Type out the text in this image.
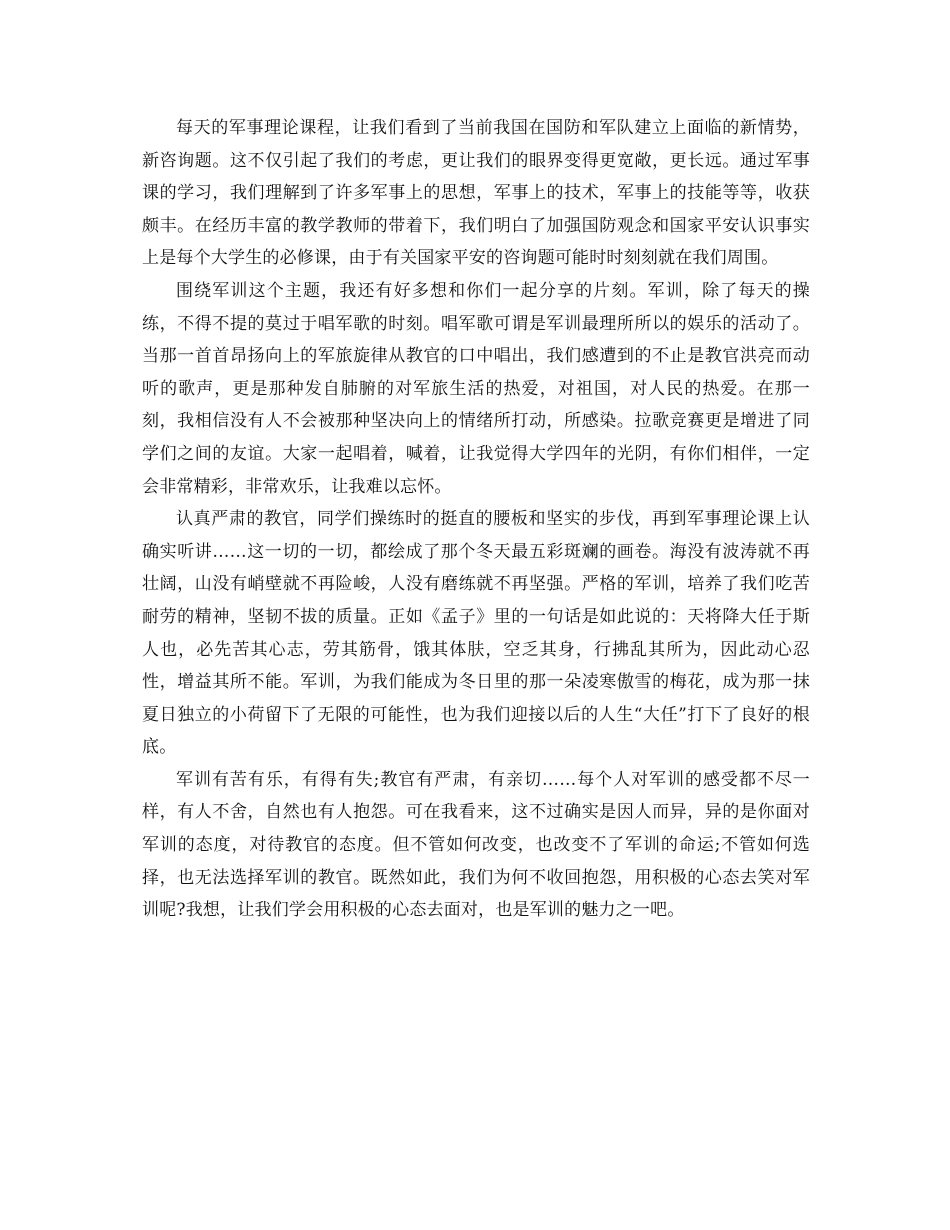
每天的军事理论课程，让我们看到了当前我国在国防和军队建立上面临的新情势，新咨询题。这不仅引起了我们的考虑，更让我们的眼界变得更宽敞，更长远。通过军事课的学习，我们理解到了许多军事上的思想，军事上的技术，军事上的技能等等，收获颇丰。在经历丰富的教学教师的带着下，我们明白了加强国防观念和国家平安认识事实上是每个大学生的必修课，由于有关国家平安的咨询题可能时时刻刻就在我们周围。

围绕军训这个主题，我还有好多想和你们一起分享的片刻。军训，除了每天的操练，不得不提的莫过于唱军歌的时刻。唱军歌可谓是军训最理所所以的娱乐的活动了。当那一首首昂扬向上的军旅旋律从教官的口中唱出，我们感遭到的不止是教官洪亮而动听的歌声，更是那种发自肺腑的对军旅生活的热爱，对祖国，对人民的热爱。在那一刻，我相信没有人不会被那种坚决向上的情绪所打动，所感染。拉歌竞赛更是增进了同学们之间的友谊。大家一起唱着，喊着，让我觉得大学四年的光阴，有你们相伴，一定会非常精彩，非常欢乐，让我难以忘怀。

认真严肃的教官，同学们操练时的挺直的腰板和坚实的步伐，再到军事理论课上认确实听讲……这一切的一切，都绘成了那个冬天最五彩斑斓的画卷。海没有波涛就不再壮阔，山没有峭壁就不再险峻，人没有磨练就不再坚强。严格的军训，培养了我们吃苦耐劳的精神，坚韧不拔的质量。正如《孟子》里的一句话是如此说的：天将降大任于斯人也，必先苦其心志，劳其筋骨，饿其体肤，空乏其身，行拂乱其所为，因此动心忍性，增益其所不能。军训，为我们能成为冬日里的那一朵凌寒傲雪的梅花，成为那一抹夏日独立的小荷留下了无限的可能性，也为我们迎接以后的人生“大任”打下了良好的根底。

军训有苦有乐，有得有失;教官有严肃，有亲切……每个人对军训的感受都不尽一样，有人不舍，自然也有人抱怨。可在我看来，这不过确实是因人而异，异的是你面对军训的态度，对待教官的态度。但不管如何改变，也改变不了军训的命运;不管如何选择，也无法选择军训的教官。既然如此，我们为何不收回抱怨，用积极的心态去笑对军训呢?我想，让我们学会用积极的心态去面对，也是军训的魅力之一吧。
